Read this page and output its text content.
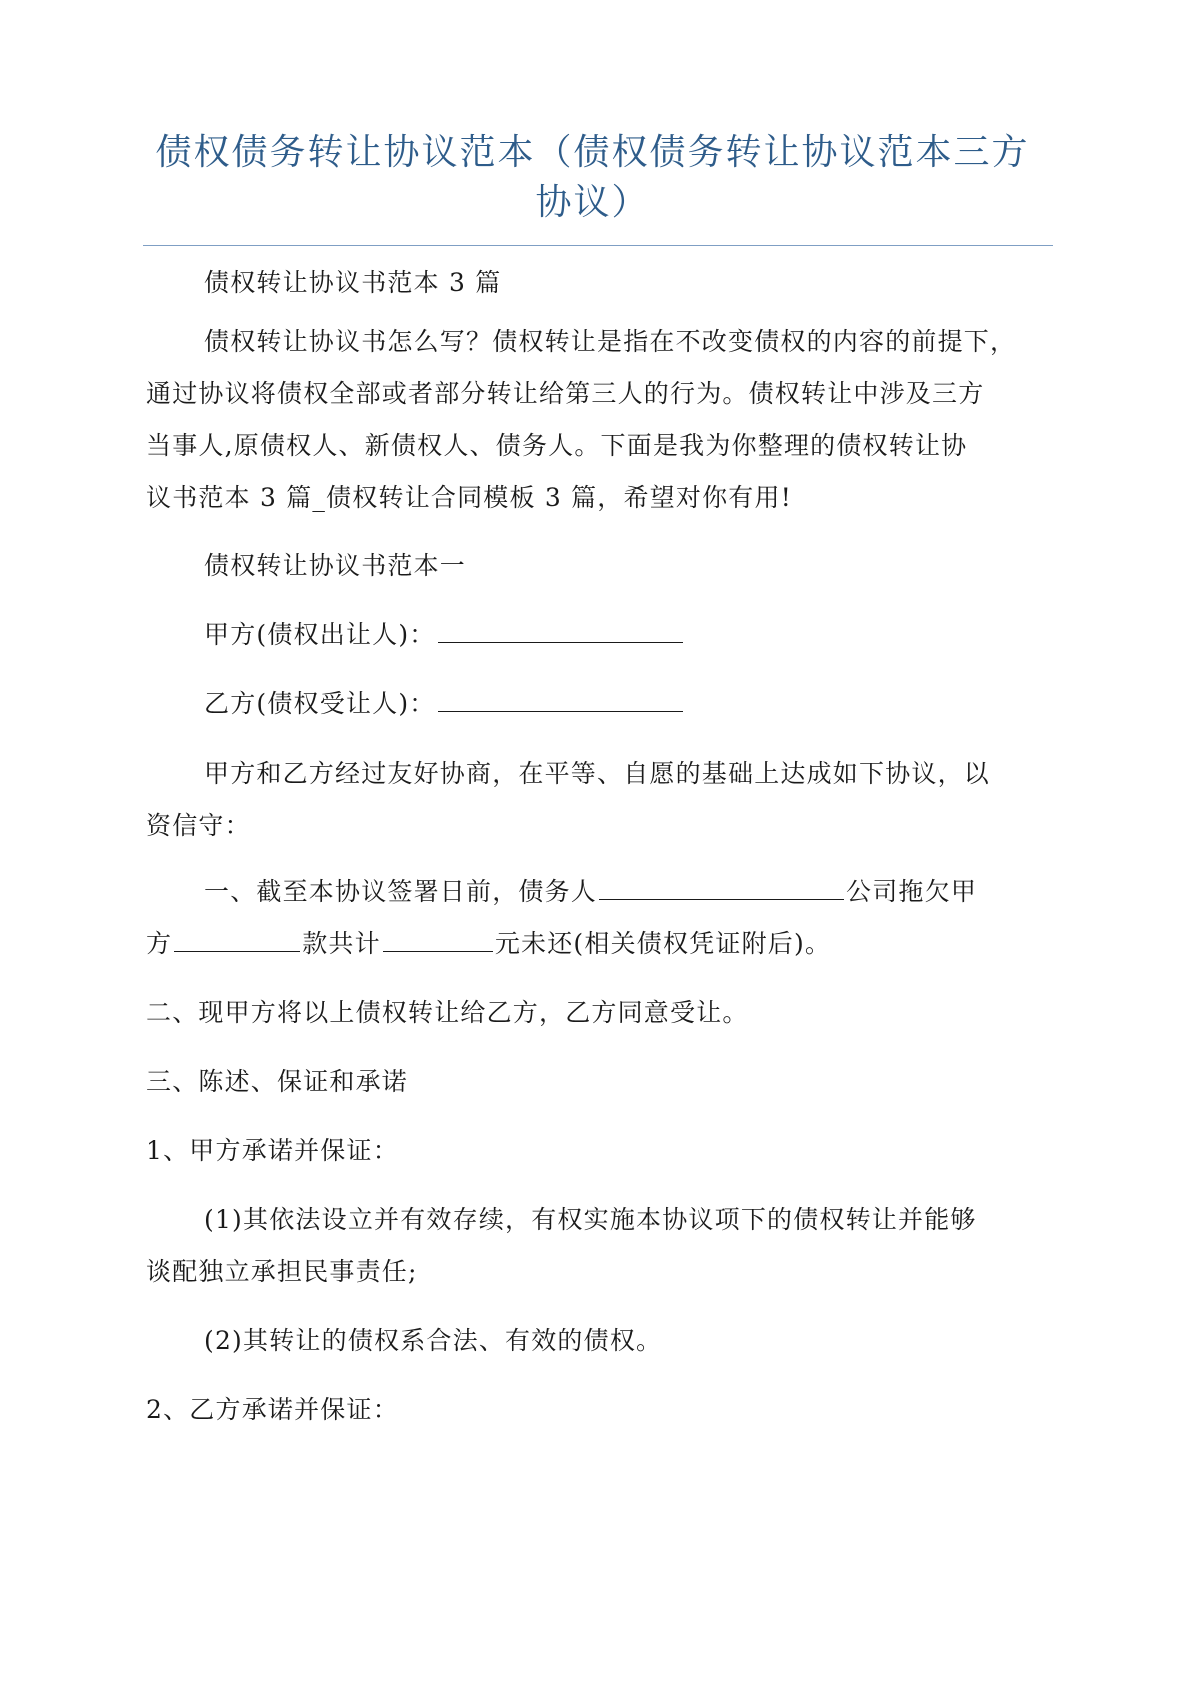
债权债务转让协议范本（债权债务转让协议范本三方协议）

债权转让协议书范本 3 篇

债权转让协议书怎么写？债权转让是指在不改变债权的内容的前提下，

通过协议将债权全部或者部分转让给第三人的行为。债权转让中涉及三方

当事人,原债权人、新债权人、债务人。下面是我为你整理的债权转让协

议书范本 3 篇_债权转让合同模板 3 篇，希望对你有用!

债权转让协议书范本一

甲方(债权出让人)：

乙方(债权受让人)：

甲方和乙方经过友好协商，在平等、自愿的基础上达成如下协议，以

资信守：

一、截至本协议签署日前，债务人	公司拖欠甲

方	款共计	元未还(相关债权凭证附后)。

二、现甲方将以上债权转让给乙方，乙方同意受让。

三、陈述、保证和承诺

1、甲方承诺并保证：

(1)其依法设立并有效存续，有权实施本协议项下的债权转让并能够

谈配独立承担民事责任;

(2)其转让的债权系合法、有效的债权。

2、乙方承诺并保证：
